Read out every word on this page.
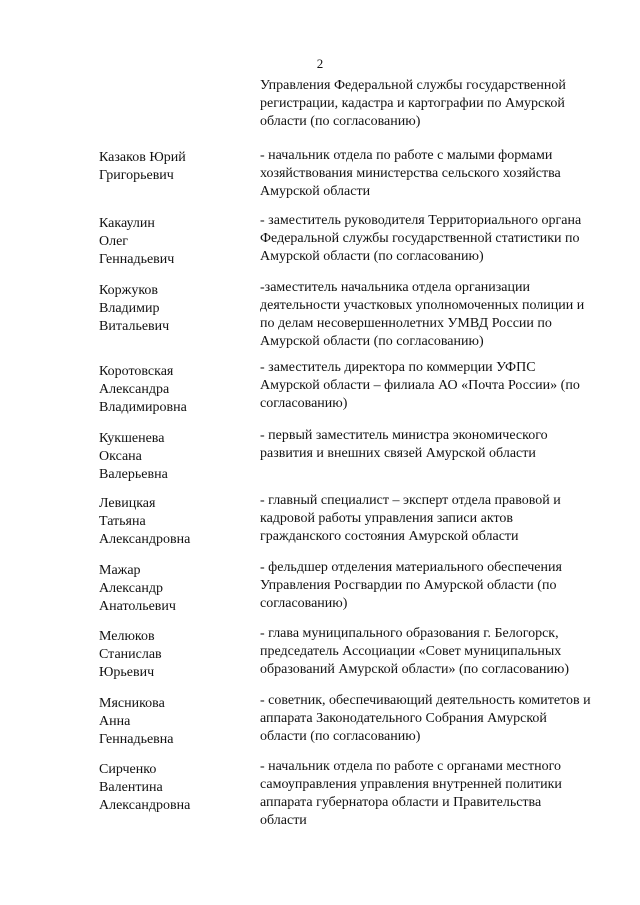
2
Управления Федеральной службы государственной
регистрации, кадастра и картографии по Амурской
области (по согласованию)
Казаков Юрий
Григорьевич
- начальник отдела по работе с малыми формами
хозяйствования министерства сельского хозяйства
Амурской области
Какаулин
Олег
Геннадьевич
- заместитель руководителя Территориального органа
Федеральной службы государственной статистики по
Амурской области (по согласованию)
Коржуков
Владимир
Витальевич
-заместитель начальника отдела организации
деятельности участковых уполномоченных полиции и
по делам несовершеннолетних УМВД России по
Амурской области (по согласованию)
Коротовская
Александра
Владимировна
- заместитель директора по коммерции УФПС
Амурской области – филиала АО «Почта России» (по
согласованию)
Кукшенева
Оксана
Валерьевна
- первый заместитель министра экономического
развития и внешних связей Амурской области
Левицкая
Татьяна
Александровна
- главный специалист – эксперт отдела правовой и
кадровой работы управления записи актов
гражданского состояния Амурской области
Мажар
Александр
Анатольевич
- фельдшер отделения материального обеспечения
Управления Росгвардии по Амурской области (по
согласованию)
Мелюков
Станислав
Юрьевич
- глава муниципального образования г. Белогорск,
председатель Ассоциации «Совет муниципальных
образований Амурской области» (по согласованию)
Мясникова
Анна
Геннадьевна
- советник, обеспечивающий деятельность комитетов и
аппарата Законодательного Собрания Амурской
области (по согласованию)
Сирченко
Валентина
Александровна
- начальник отдела по работе с органами местного
самоуправления управления внутренней политики
аппарата губернатора области и Правительства
области
